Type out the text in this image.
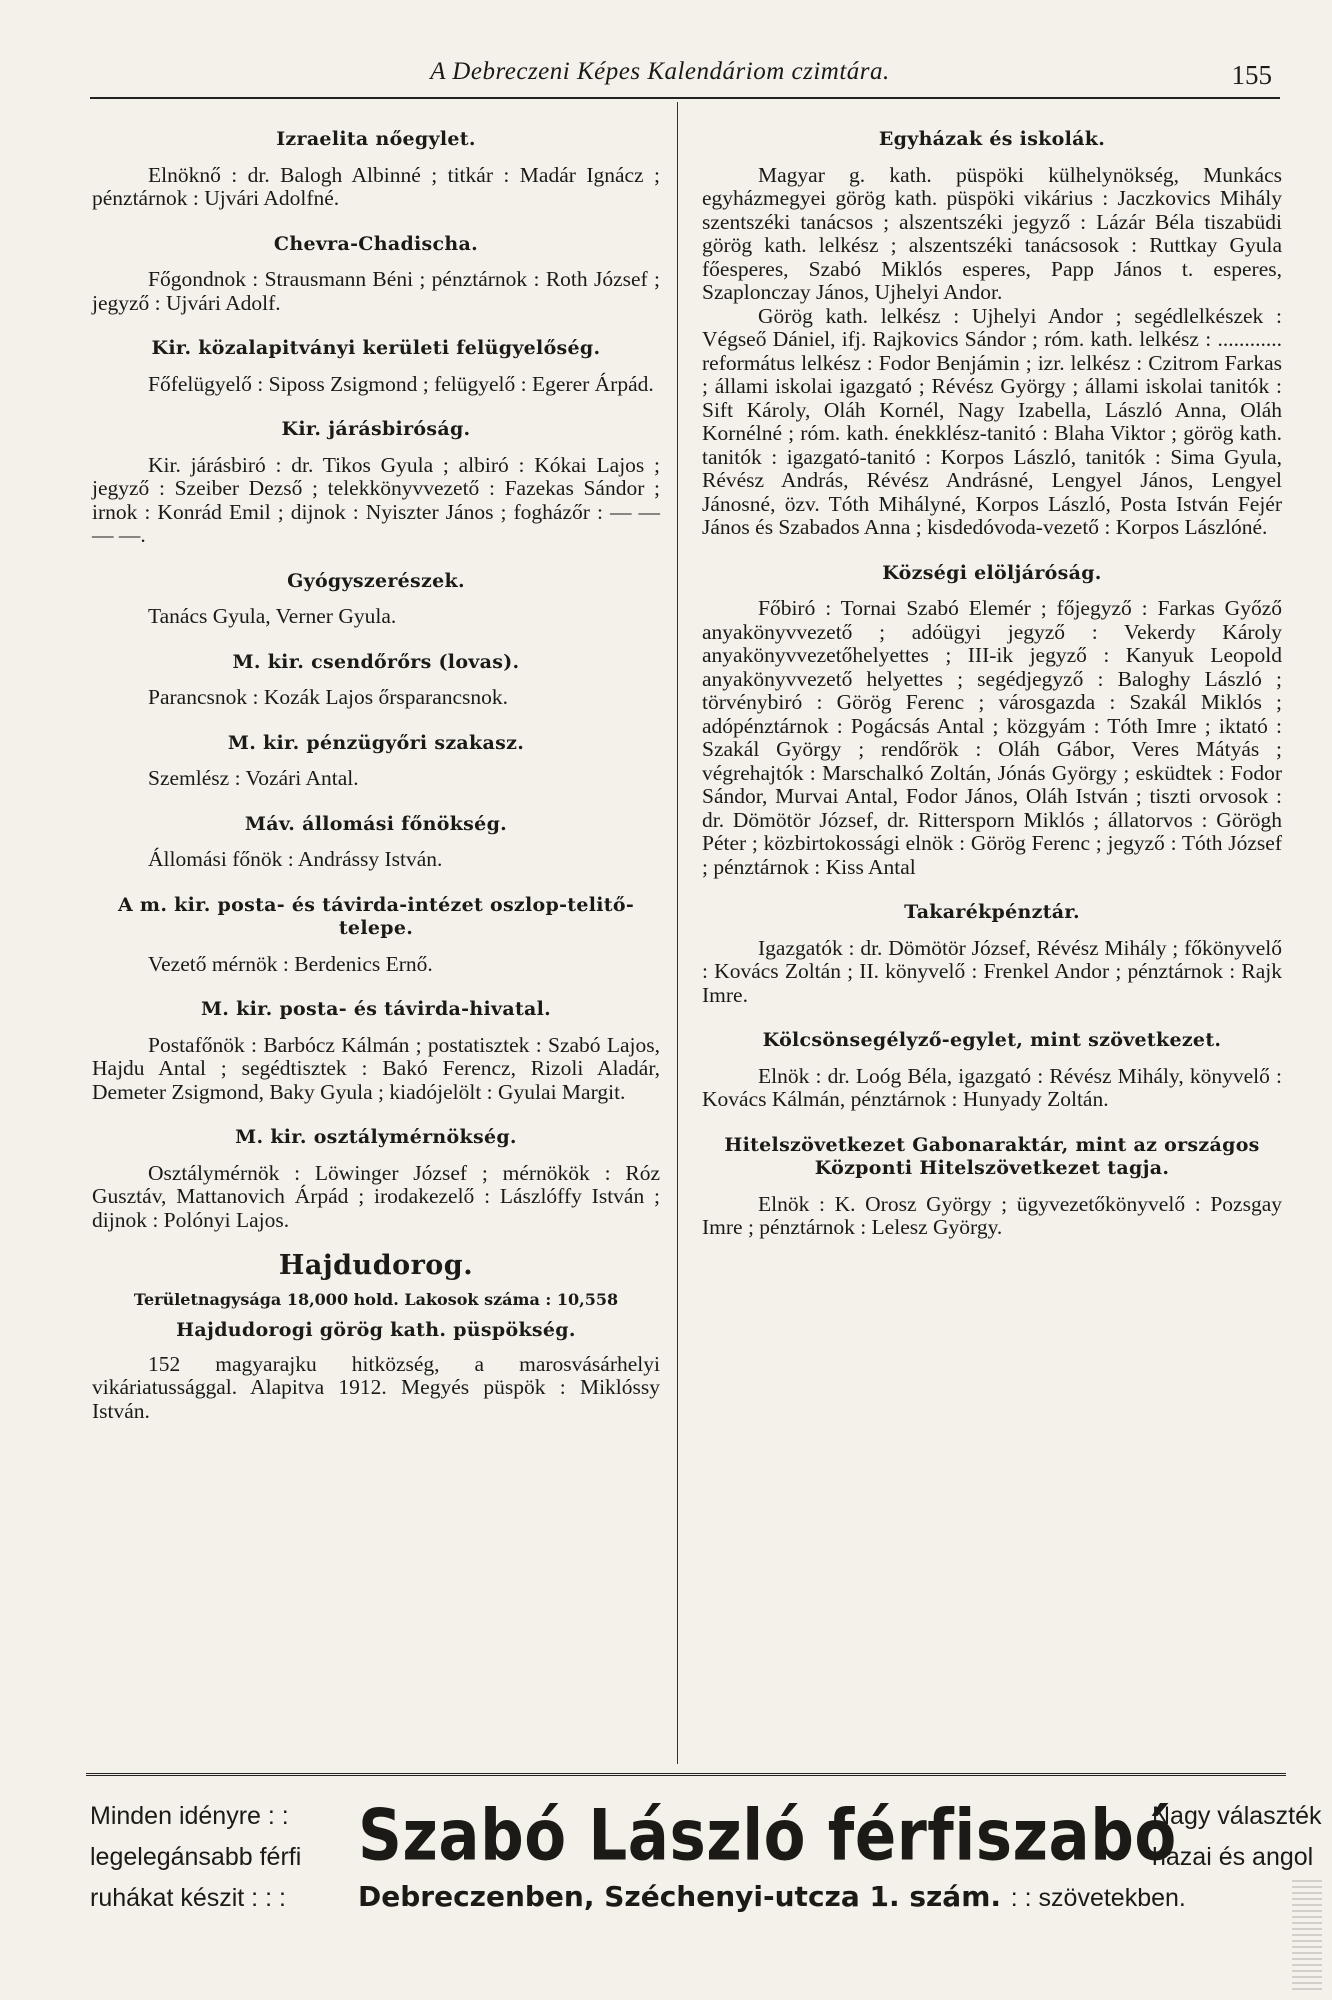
A Debreczeni Képes Kalendáriom czimtára.	155
Izraelita nőegylet.

Elnöknő : dr. Balogh Albinné ; titkár : Madár Ignácz ; pénztárnok : Ujvári Adolfné.

Chevra-Chadischa.

Főgondnok : Strausmann Béni ; pénztárnok : Roth József ; jegyző : Ujvári Adolf.

Kir. közalapitványi kerületi felügyelőség.

Főfelügyelő : Siposs Zsigmond ; felügyelő : Egerer Árpád.

Kir. járásbiróság.

Kir. járásbiró : dr. Tikos Gyula ; albiró : Kókai Lajos ; jegyző : Szeiber Dezső ; telekkönyvvezető : Fazekas Sándor ; irnok : Konrád Emil ; dijnok : Nyiszter János ; fogházőr : — — — —.

Gyógyszerészek.

Tanács Gyula, Verner Gyula.

M. kir. csendőrőrs (lovas).

Parancsnok : Kozák Lajos őrsparancsnok.

M. kir. pénzügyőri szakasz.

Szemlész : Vozári Antal.

Máv. állomási főnökség.

Állomási főnök : Andrássy István.

A m. kir. posta- és távirda-intézet oszlop-telitő-telepe.

Vezető mérnök : Berdenics Ernő.

M. kir. posta- és távirda-hivatal.

Postafőnök : Barbócz Kálmán ; postatisztek : Szabó Lajos, Hajdu Antal ; segédtisztek : Bakó Ferencz, Rizoli Aladár, Demeter Zsigmond, Baky Gyula ; kiadójelölt : Gyulai Margit.

M. kir. osztálymérnökség.

Osztálymérnök : Löwinger József ; mérnökök : Róz Gusztáv, Mattanovich Árpád ; irodakezelő : Lászlóffy István ; dijnok : Polónyi Lajos.

Hajdudorog.
Területnagysága 18,000 hold. Lakosok száma : 10,558
Hajdudorogi görög kath. püspökség.

152 magyarajku hitközség, a marosvásárhelyi vikáriatussággal. Alapitva 1912. Megyés püspök : Miklóssy István.

Egyházak és iskolák.

Magyar g. kath. püspöki külhelynökség, Munkács egyházmegyei görög kath. püspöki vikárius : Jaczkovics Mihály szentszéki tanácsos ; alszentszéki jegyző : Lázár Béla tiszabüdi görög kath. lelkész ; alszentszéki tanácsosok : Ruttkay Gyula főesperes, Szabó Miklós esperes, Papp János t. esperes, Szaplonczay János, Ujhelyi Andor.

Görög kath. lelkész : Ujhelyi Andor ; segédlelkészek : Végseő Dániel, ifj. Rajkovics Sándor ; róm. kath. lelkész : ............ református lelkész : Fodor Benjámin ; izr. lelkész : Czitrom Farkas ; állami iskolai igazgató ; Révész György ; állami iskolai tanitók : Sift Károly, Oláh Kornél, Nagy Izabella, László Anna, Oláh Kornélné ; róm. kath. énekklész-tanitó : Blaha Viktor ; görög kath. tanitók : igazgató-tanitó : Korpos László, tanitók : Sima Gyula, Révész András, Révész Andrásné, Lengyel János, Lengyel Jánosné, özv. Tóth Mihályné, Korpos László, Posta István Fejér János és Szabados Anna ; kisdedóvoda-vezető : Korpos Lászlóné.

Községi elöljáróság.

Főbiró : Tornai Szabó Elemér ; főjegyző : Farkas Győző anyakönyvvezető ; adóügyi jegyző : Vekerdy Károly anyakönyvvezetőhelyettes ; III-ik jegyző : Kanyuk Leopold anyakönyvvezető helyettes ; segédjegyző : Baloghy László ; törvénybiró : Görög Ferenc ; városgazda : Szakál Miklós ; adópénztárnok : Pogácsás Antal ; közgyám : Tóth Imre ; iktató : Szakál György ; rendőrök : Oláh Gábor, Veres Mátyás ; végrehajtók : Marschalkó Zoltán, Jónás György ; esküdtek : Fodor Sándor, Murvai Antal, Fodor János, Oláh István ; tiszti orvosok : dr. Dömötör József, dr. Rittersporn Miklós ; állatorvos : Görögh Péter ; közbirtokossági elnök : Görög Ferenc ; jegyző : Tóth József ; pénztárnok : Kiss Antal

Takarékpénztár.

Igazgatók : dr. Dömötör József, Révész Mihály ; főkönyvelő : Kovács Zoltán ; II. könyvelő : Frenkel Andor ; pénztárnok : Rajk Imre.

Kölcsönsegélyző-egylet, mint szövetkezet.

Elnök : dr. Loóg Béla, igazgató : Révész Mihály, könyvelő : Kovács Kálmán, pénztárnok : Hunyady Zoltán.

Hitelszövetkezet Gabonaraktár, mint az országos Központi Hitelszövetkezet tagja.

Elnök : K. Orosz György ; ügyvezetőkönyvelő : Pozsgay Imre ; pénztárnok : Lelesz György.

Minden idényre : :
legelegánsabb férfi
ruhákat készit : : :
Szabó László férfiszabó
Debreczenben, Széchenyi-utcza 1. szám. : : szövetekben.
Nagy választék
hazai és angol
